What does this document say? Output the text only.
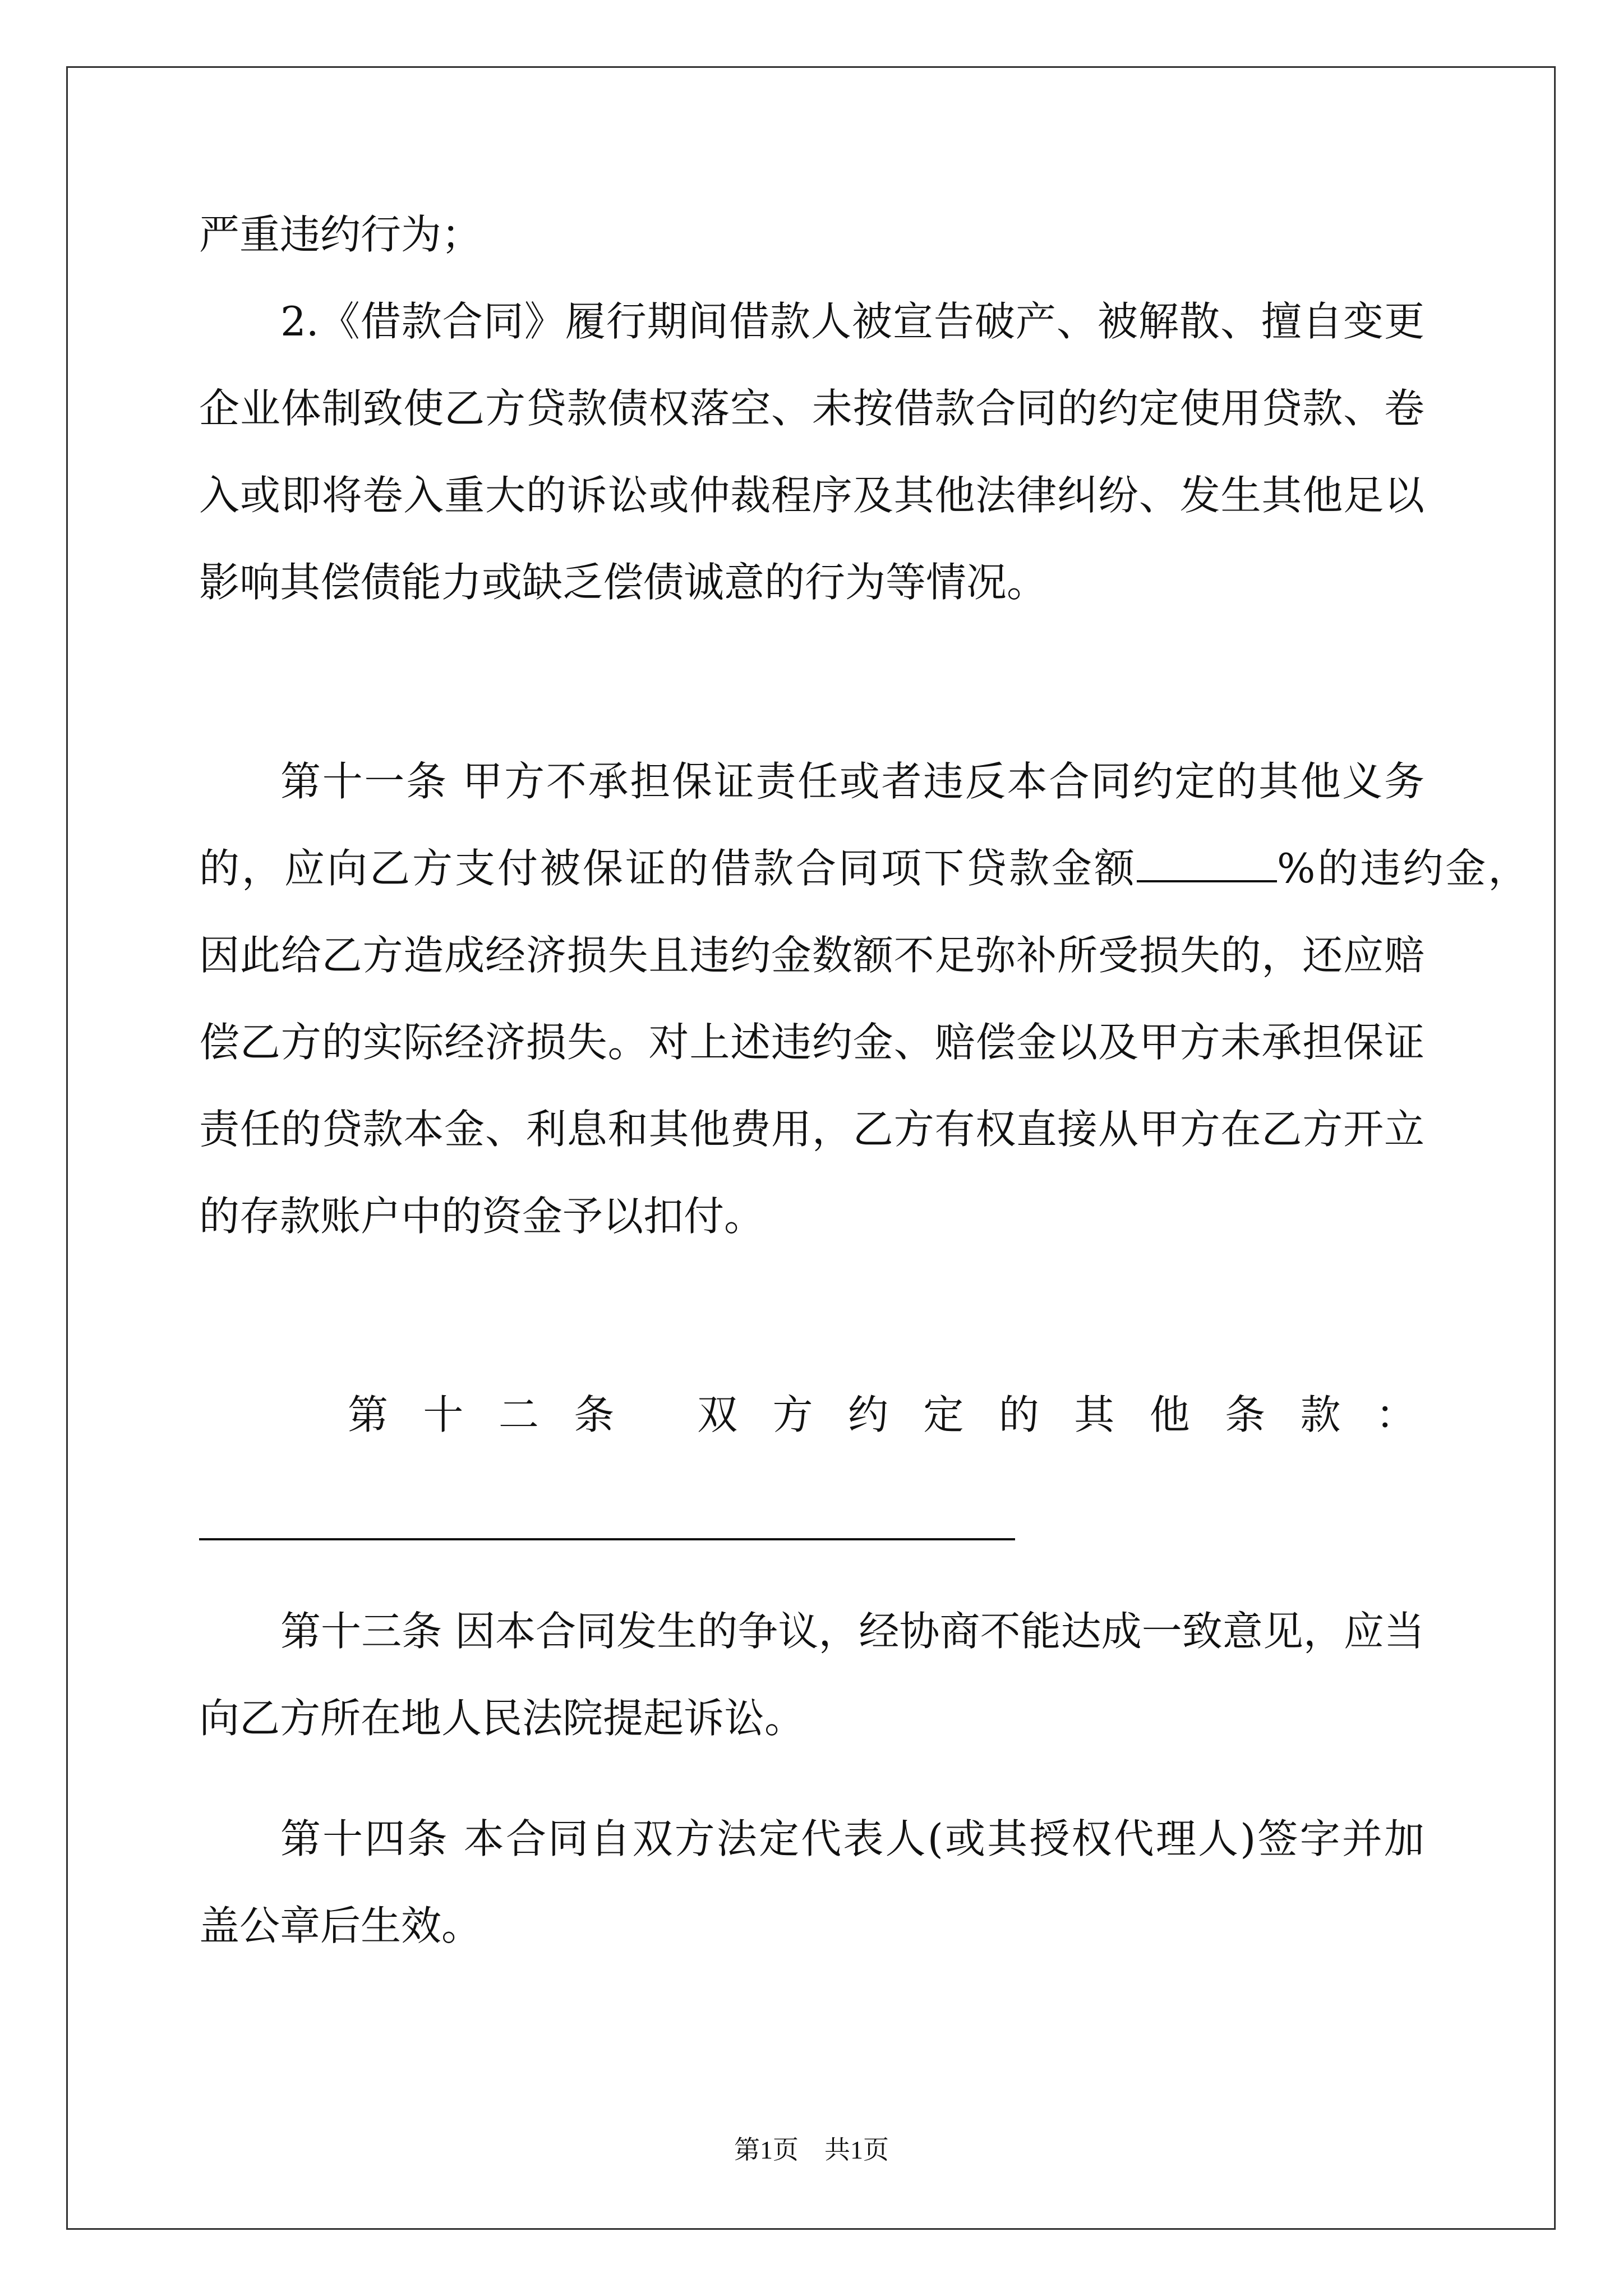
严重违约行为；
2.《借款合同》履行期间借款人被宣告破产、被解散、擅自变更
企业体制致使乙方贷款债权落空、未按借款合同的约定使用贷款、卷
入或即将卷入重大的诉讼或仲裁程序及其他法律纠纷、发生其他足以
影响其偿债能力或缺乏偿债诚意的行为等情况。
第十一条 甲方不承担保证责任或者违反本合同约定的其他义务
的，应向乙方支付被保证的借款合同项下贷款金额	%的违约金，
因此给乙方造成经济损失且违约金数额不足弥补所受损失的，还应赔
偿乙方的实际经济损失。对上述违约金、赔偿金以及甲方未承担保证
责任的贷款本金、利息和其他费用，乙方有权直接从甲方在乙方开立
的存款账户中的资金予以扣付。
第十二条 双方约定的其他条款：
第十三条 因本合同发生的争议，经协商不能达成一致意见，应当
向乙方所在地人民法院提起诉讼。
第十四条 本合同自双方法定代表人(或其授权代理人)签字并加
盖公章后生效。
第1页 共1页
